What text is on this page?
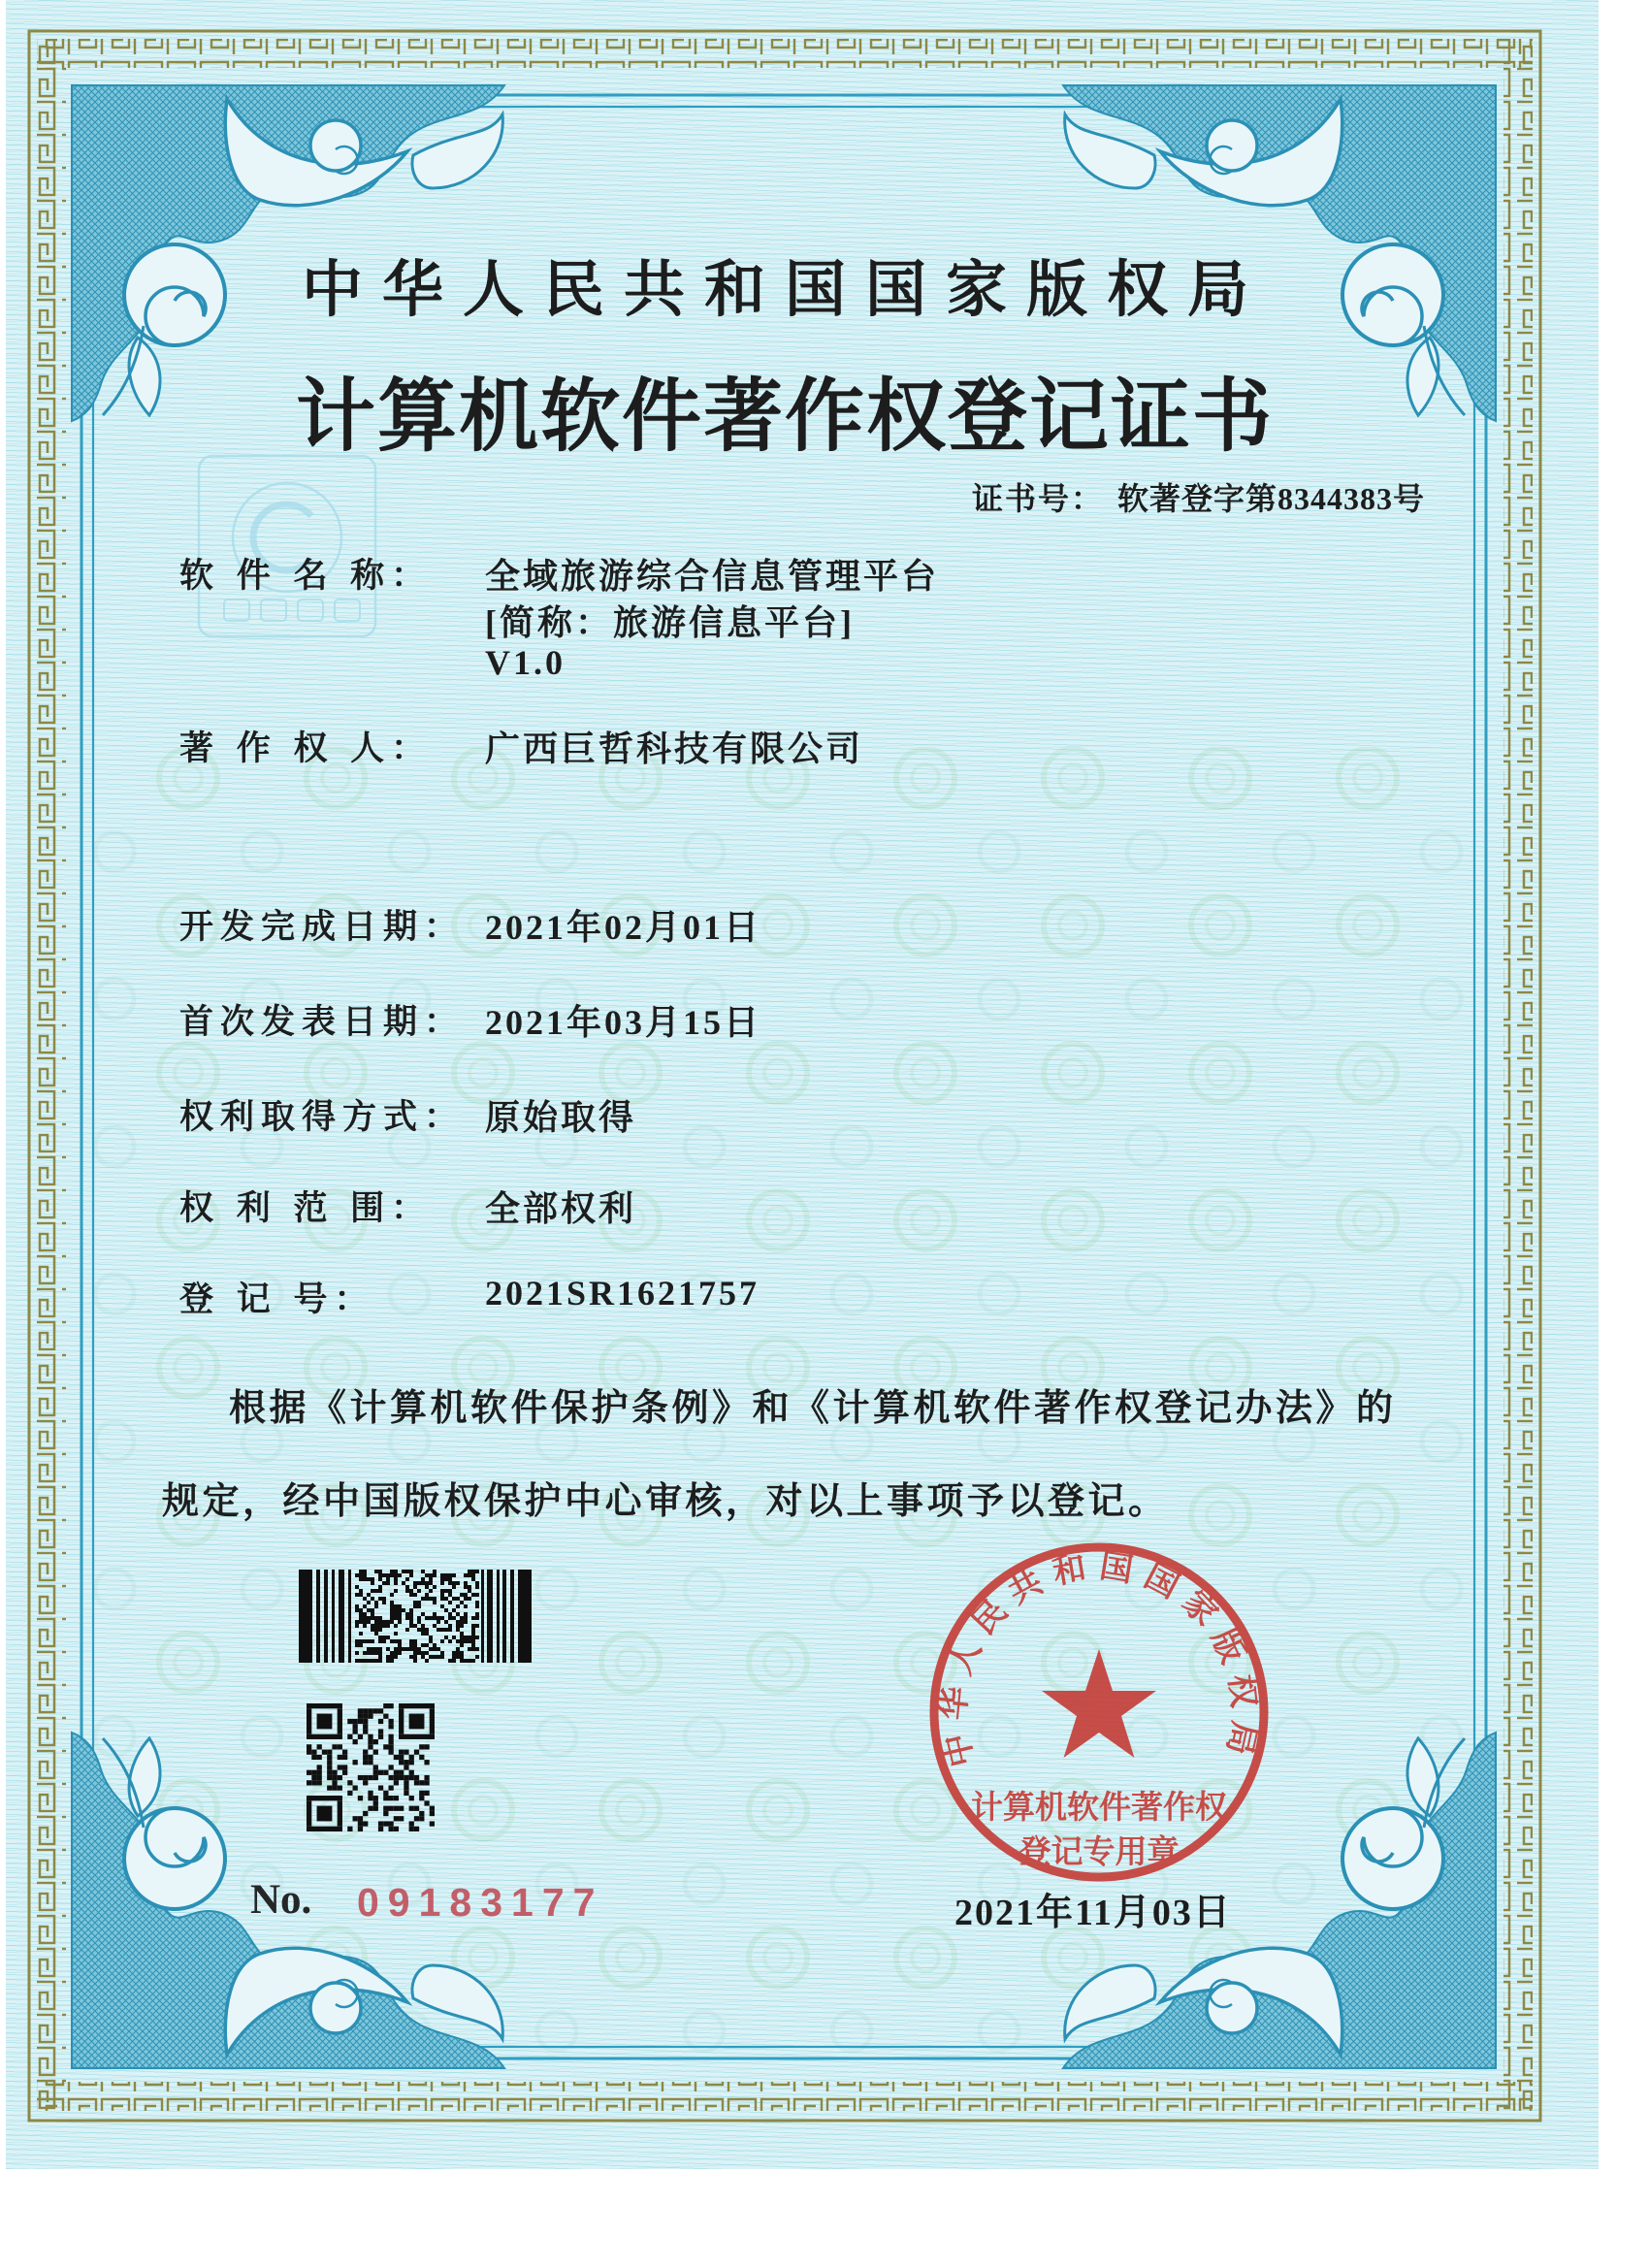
中华人民共和国国家版权局
计算机软件著作权登记证书
证书号： 软著登字第8344383号
软 件 名 称： 全域旅游综合信息管理平台
[简称：旅游信息平台]
V1.0
著 作 权 人： 广西巨哲科技有限公司
开发完成日期： 2021年02月01日
首次发表日期： 2021年03月15日
权利取得方式： 原始取得
权 利 范 围： 全部权利
登 记 号：	2021SR1621757
根据《计算机软件保护条例》和《计算机软件著作权登记办法》的
规定，经中国版权保护中心审核，对以上事项予以登记。
中华人民共和国国家版权局
计算机软件著作权
登记专用章
No. 09183177	2021年11月03日
